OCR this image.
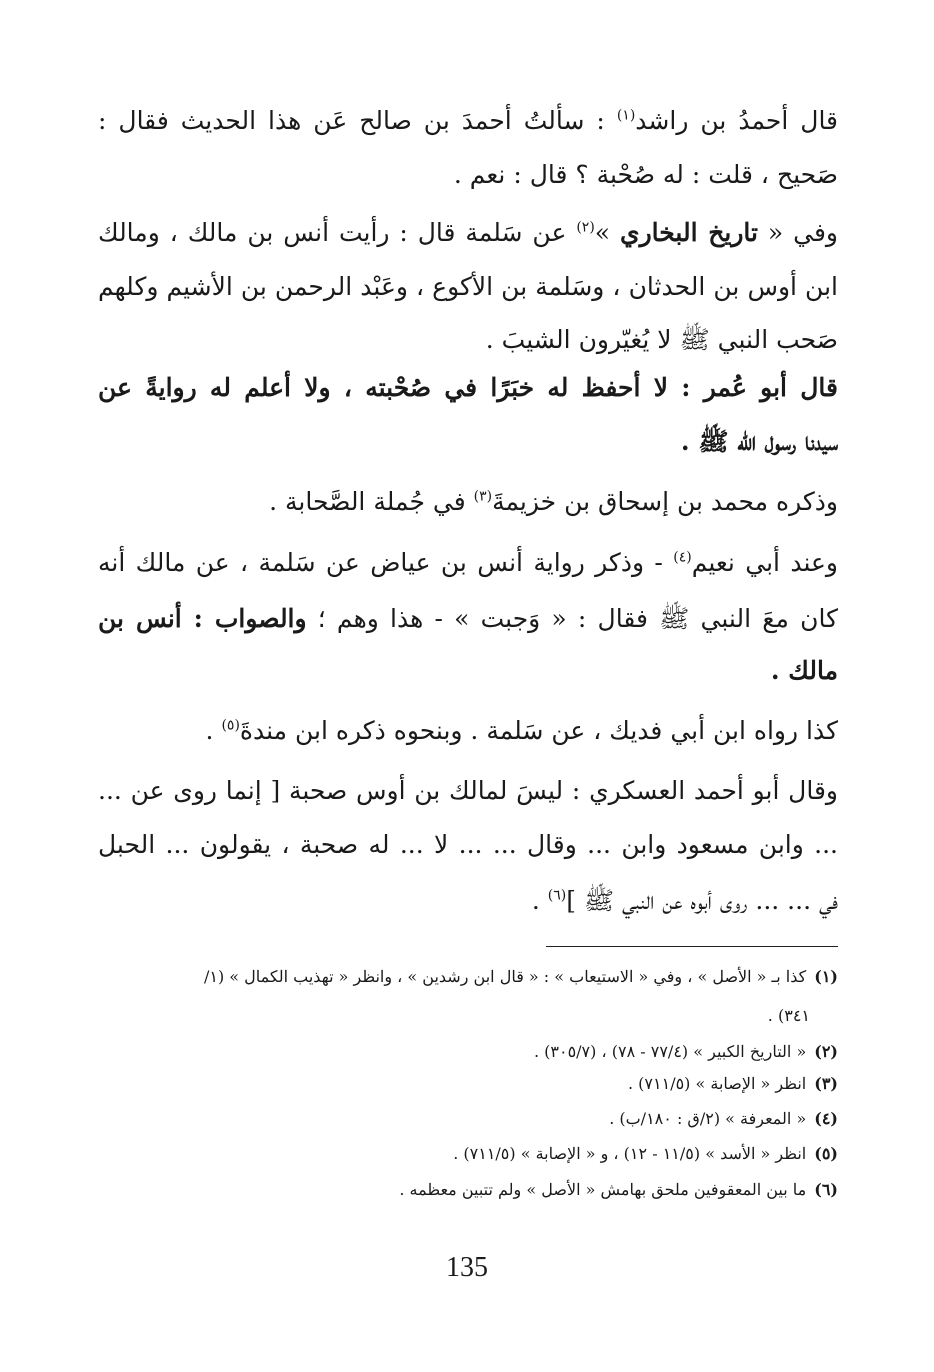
قال أحمدُ بن راشد$^{(١)}$ : سألتُ أحمدَ بن صالح عَن هذا الحديث فقال :
صَحيح ، قلت : له صُحْبة ؟ قال : نعم .
وفي « تاريخ البخاري »$^{(٢)}$ عن سَلمة قال : رأيت أنس بن مالك ، ومالك
ابن أوس بن الحدثان ، وسَلمة بن الأكوع ، وعَبْد الرحمن بن الأشيم وكلهم
صَحب النبي ﷺ لا يُغيّرون الشيبَ .
قال أبو عُمر : لا أحفظ له خبَرًا في صُحْبته ، ولا أعلم له روايةً عن
سيدنا رسول الله ﷺ .
وذكره محمد بن إسحاق بن خزيمةَ$^{(٣)}$ في جُملة الصَّحابة .
وعند أبي نعيم$^{(٤)}$ - وذكر رواية أنس بن عياض عن سَلمة ، عن مالك أنه
كان معَ النبي ﷺ فقال : « وَجبت » - هذا وهم ؛ والصواب : أنس بن
مالك .
كذا رواه ابن أبي فديك ، عن سَلمة . وبنحوه ذكره ابن مندةَ$^{(٥)}$ .
وقال أبو أحمد العسكري : ليسَ لمالك بن أوس صحبة [ إنما روى عن ...
... وابن مسعود وابن ... وقال ... ... لا ... له صحبة ، يقولون ... الحبل
في ... ... روى أبوه عن النبي ﷺ ]$^{(٦)}$ .
(١)كذا بـ « الأصل » ، وفي « الاستيعاب » : « قال ابن رشدين » ، وانظر « تهذيب الكمال » (١/
٣٤١) .
(٢)« التاريخ الكبير » (٧٧/٤ - ٧٨) ، (٣٠٥/٧) .
(٣)انظر « الإصابة » (٧١١/٥) .
(٤)« المعرفة » (٢/ق : ١٨٠/ب) .
(٥)انظر « الأسد » (١١/٥ - ١٢) ، و « الإصابة » (٧١١/٥) .
(٦)ما بين المعقوفين ملحق بهامش « الأصل » ولم تتبين معظمه .
135
